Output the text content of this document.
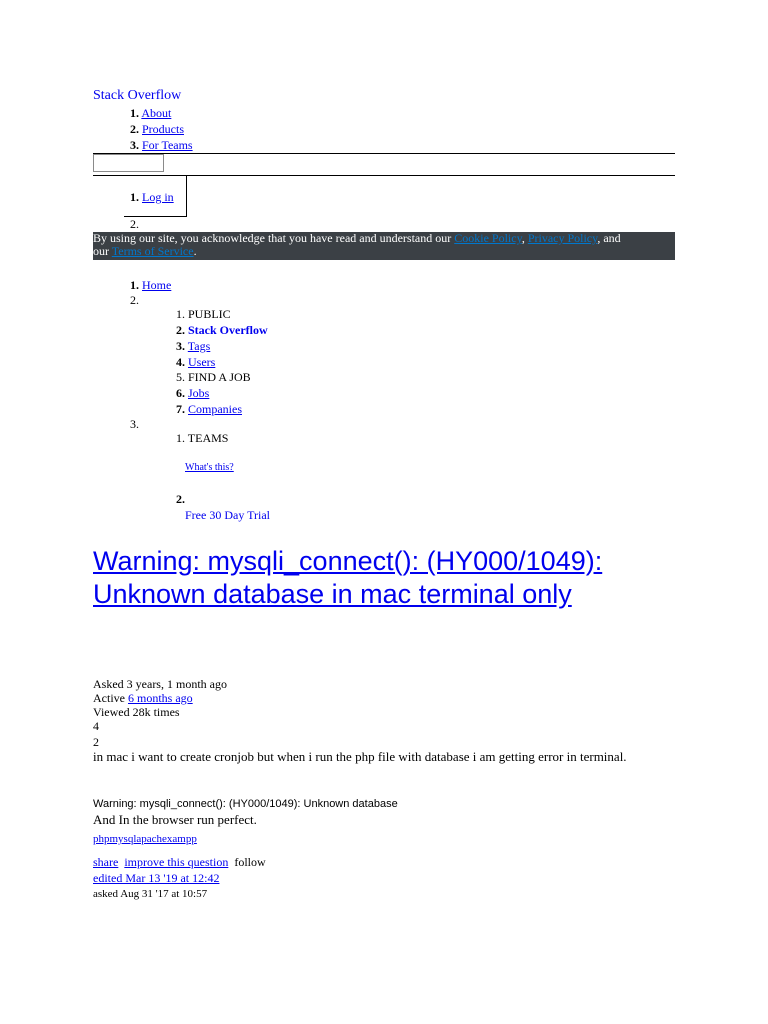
Stack Overflow
1. About
2. Products
3. For Teams
1. Log in
2.
By using our site, you acknowledge that you have read and understand our Cookie Policy, Privacy Policy, and
our Terms of Service.
1. Home
2.
1. PUBLIC
2. Stack Overflow
3. Tags
4. Users
5. FIND A JOB
6. Jobs
7. Companies
3.
1. TEAMS
What's this?
2.
Free 30 Day Trial
Warning: mysqli_connect(): (HY000/1049): Unknown database in mac terminal only
Asked 3 years, 1 month ago
Active 6 months ago
Viewed 28k times
4
2
in mac i want to create cronjob but when i run the php file with database i am getting error in terminal.
Warning: mysqli_connect(): (HY000/1049): Unknown database
And In the browser run perfect.
phpmysqlapachexampp
share improve this question follow
edited Mar 13 '19 at 12:42
asked Aug 31 '17 at 10:57
